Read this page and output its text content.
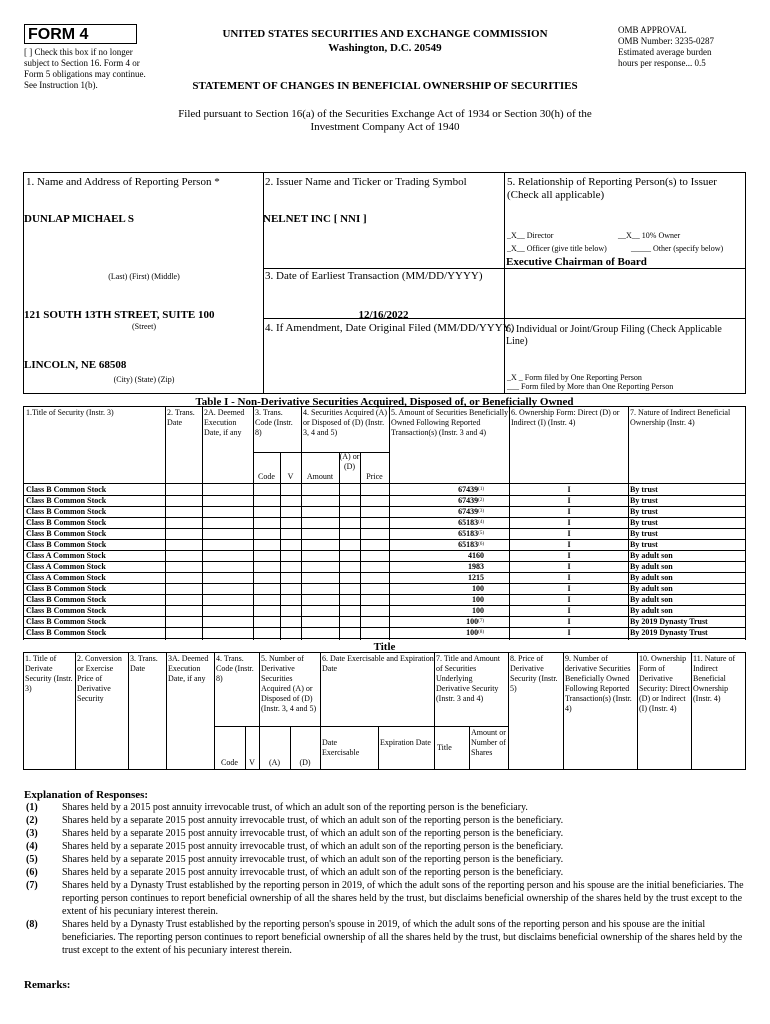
FORM 4
[ ] Check this box if no longer subject to Section 16. Form 4 or Form 5 obligations may continue. See Instruction 1(b).
UNITED STATES SECURITIES AND EXCHANGE COMMISSION
Washington, D.C. 20549
STATEMENT OF CHANGES IN BENEFICIAL OWNERSHIP OF SECURITIES
OMB APPROVAL
OMB Number: 3235-0287
Estimated average burden
hours per response... 0.5
Filed pursuant to Section 16(a) of the Securities Exchange Act of 1934 or Section 30(h) of the
Investment Company Act of 1940
1. Name and Address of Reporting Person *
DUNLAP MICHAEL S
(Last) (First) (Middle)
121 SOUTH 13TH STREET, SUITE 100
(Street)
LINCOLN, NE 68508
(City) (State) (Zip)
2. Issuer Name and Ticker or Trading Symbol
NELNET INC [ NNI ]
3. Date of Earliest Transaction (MM/DD/YYYY)
12/16/2022
4. If Amendment, Date Original Filed (MM/DD/YYYY)
5. Relationship of Reporting Person(s) to Issuer
(Check all applicable)
_X__ Director	__X__ 10% Owner
_X__ Officer (give title below)	_____ Other (specify below)
Executive Chairman of Board
6. Individual or Joint/Group Filing (Check Applicable Line)
_X _ Form filed by One Reporting Person
___ Form filed by More than One Reporting Person
Table I - Non-Derivative Securities Acquired, Disposed of, or Beneficially Owned
1.Title of Security (Instr. 3)	2. Trans. Date
2A. Deemed Execution Date, if any
3. Trans. Code (Instr. 8)
4. Securities Acquired (A) or Disposed of (D) (Instr. 3, 4 and 5)
5. Amount of Securities Beneficially Owned Following Reported Transaction(s) (Instr. 3 and 4)
6. Ownership Form: Direct (D) or Indirect (I) (Instr. 4)
7. Nature of Indirect Beneficial Ownership (Instr. 4)
Code	V	Amount
(A) or (D)
Price
Class B Common Stock	67439$^{(1)}$	I	By trust
Class B Common Stock	67439$^{(2)}$	I	By trust
Class B Common Stock	67439$^{(3)}$	I	By trust
Class B Common Stock	65183$^{(4)}$	I	By trust
Class B Common Stock	65183$^{(5)}$	I	By trust
Class B Common Stock	65183$^{(6)}$	I	By trust
Class A Common Stock	4160	I	By adult son
Class A Common Stock	1983	I	By adult son
Class A Common Stock	1215	I	By adult son
Class B Common Stock	100	I	By adult son
Class B Common Stock	100	I	By adult son
Class B Common Stock	100	I	By adult son
Class B Common Stock	100$^{(7)}$	I	By 2019 Dynasty Trust
Class B Common Stock	100$^{(8)}$	I	By 2019 Dynasty Trust
Title
1. Title of Derivate Security (Instr. 3)
2. Conversion or Exercise Price of Derivative Security
3. Trans. Date
3A. Deemed Execution Date, if any
4. Trans. Code (Instr. 8)
5. Number of Derivative Securities Acquired (A) or Disposed of (D) (Instr. 3, 4 and 5)
6. Date Exercisable and Expiration Date
7. Title and Amount of Securities Underlying Derivative Security (Instr. 3 and 4)
8. Price of Derivative Security (Instr. 5)
9. Number of derivative Securities Beneficially Owned Following Reported Transaction(s) (Instr. 4)
10. Ownership Form of Derivative Security: Direct (D) or Indirect (I) (Instr. 4)
11. Nature of Indirect Beneficial Ownership (Instr. 4)
Code	V	(A)	(D)
Date Exercisable
Expiration Date
Title
Amount or Number of Shares
Explanation of Responses:
(1) Shares held by a 2015 post annuity irrevocable trust, of which an adult son of the reporting person is the beneficiary.
(2) Shares held by a separate 2015 post annuity irrevocable trust, of which an adult son of the reporting person is the beneficiary.
(3) Shares held by a separate 2015 post annuity irrevocable trust, of which an adult son of the reporting person is the beneficiary.
(4) Shares held by a separate 2015 post annuity irrevocable trust, of which an adult son of the reporting person is the beneficiary.
(5) Shares held by a separate 2015 post annuity irrevocable trust, of which an adult son of the reporting person is the beneficiary.
(6) Shares held by a separate 2015 post annuity irrevocable trust, of which an adult son of the reporting person is the beneficiary.
(7) Shares held by a Dynasty Trust established by the reporting person in 2019, of which the adult sons of the reporting person and his spouse are the initial beneficiaries. The reporting person continues to report beneficial ownership of all the shares held by the trust, but disclaims beneficial ownership of the shares held by the trust except to the extent of his pecuniary interest therein.
(8) Shares held by a Dynasty Trust established by the reporting person's spouse in 2019, of which the adult sons of the reporting person and his spouse are the initial beneficiaries. The reporting person continues to report beneficial ownership of all the shares held by the trust, but disclaims beneficial ownership of the shares held by the trust except to the extent of his pecuniary interest therein.
Remarks:
